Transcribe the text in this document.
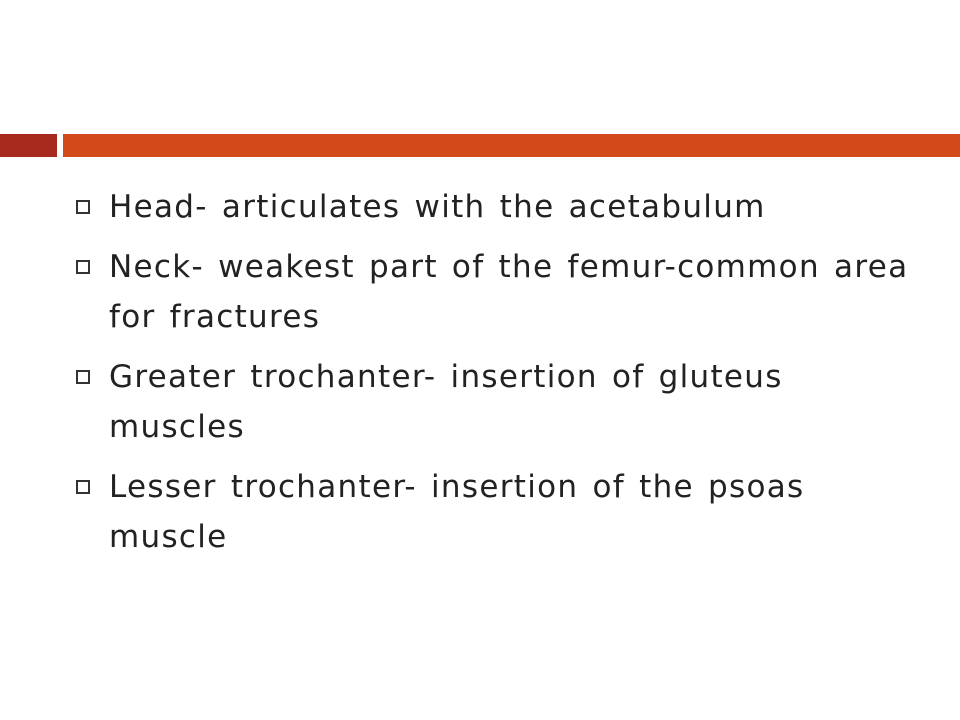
Head- articulates with the acetabulum
Neck- weakest part of the femur-common area for fractures
Greater trochanter- insertion of gluteus muscles
Lesser trochanter- insertion of the psoas muscle
